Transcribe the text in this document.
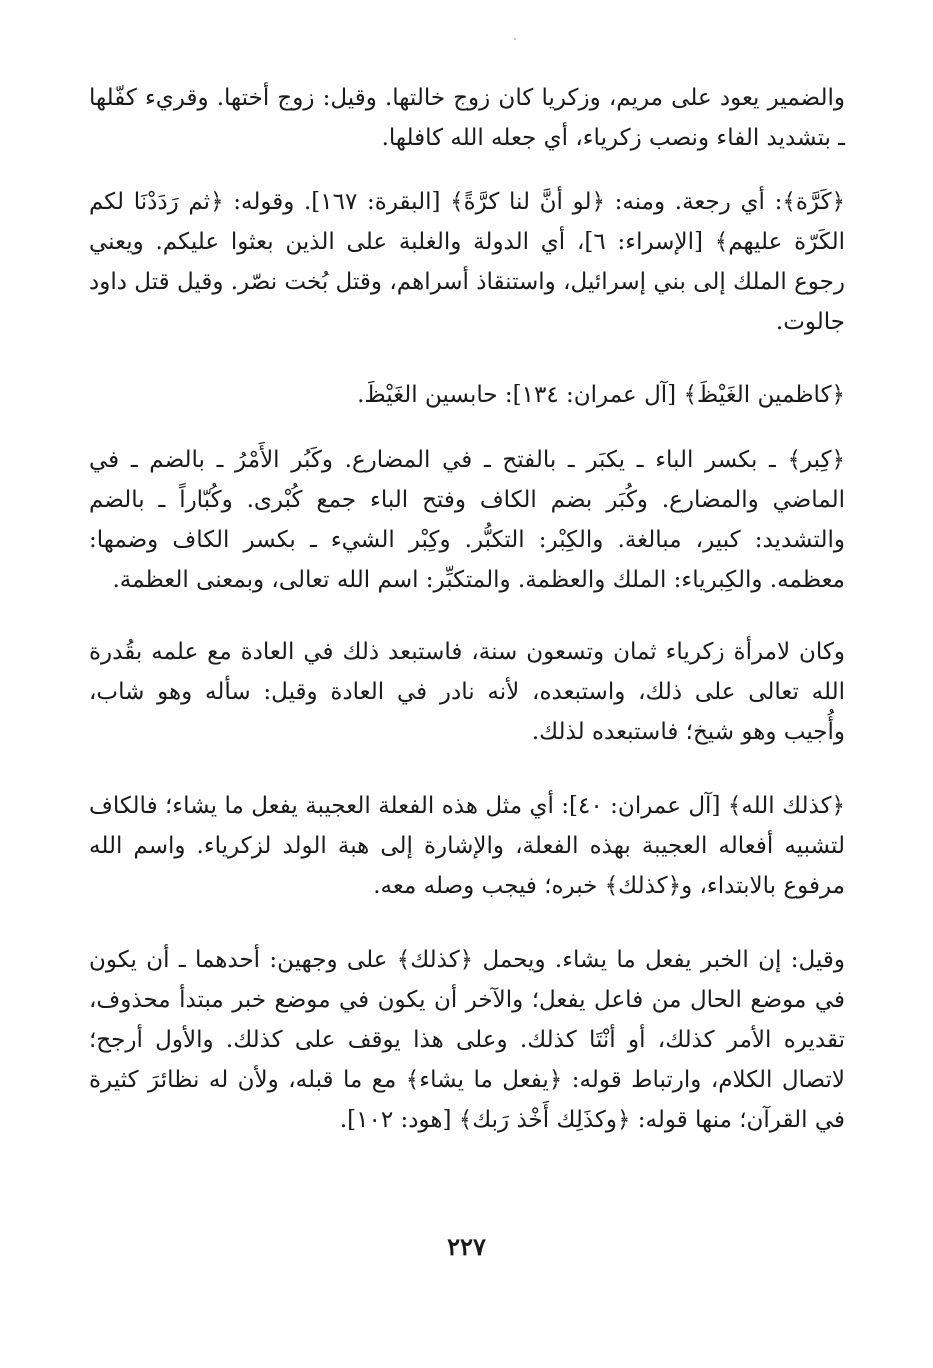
والضمير يعود على مريم، وزكريا كان زوج خالتها. وقيل: زوج أختها. وقريء كفّلها ـ بتشديد الفاء ونصب زكرياء، أي جعله الله كافلها.

﴿كَرَّة﴾: أي رجعة. ومنه: ﴿لو أنَّ لنا كرَّةً﴾ [البقرة: ١٦٧]. وقوله: ﴿ثم رَدَدْنَا لكم الكَرّة عليهم﴾ [الإسراء: ٦]، أي الدولة والغلبة على الذين بعثوا عليكم. ويعني رجوع الملك إلى بني إسرائيل، واستنقاذ أسراهم، وقتل بُخت نصّر. وقيل قتل داود جالوت.

﴿كاظمين الغَيْظَ﴾ [آل عمران: ١٣٤]: حابسين الغَيْظَ.

﴿كِبر﴾ ـ بكسر الباء ـ يكبَر ـ بالفتح ـ في المضارع. وكَبُر الأَمْرُ ـ بالضم ـ في الماضي والمضارع. وكُبَر بضم الكاف وفتح الباء جمع كُبْرى. وكُبّاراً ـ بالضم والتشديد: كبير، مبالغة. والكِبْر: التكبُّر. وكِبْر الشيء ـ بكسر الكاف وضمها: معظمه. والكِبرياء: الملك والعظمة. والمتكبِّر: اسم الله تعالى، وبمعنى العظمة.

وكان لامرأة زكرياء ثمان وتسعون سنة، فاستبعد ذلك في العادة مع علمه بقُدرة الله تعالى على ذلك، واستبعده، لأنه نادر في العادة وقيل: سأله وهو شاب، وأُجيب وهو شيخ؛ فاستبعده لذلك.

﴿كذلك الله﴾ [آل عمران: ٤٠]: أي مثل هذه الفعلة العجيبة يفعل ما يشاء؛ فالكاف لتشبيه أفعاله العجيبة بهذه الفعلة، والإشارة إلى هبة الولد لزكرياء. واسم الله مرفوع بالابتداء، و﴿كذلك﴾ خبره؛ فيجب وصله معه.

وقيل: إن الخبر يفعل ما يشاء. ويحمل ﴿كذلك﴾ على وجهين: أحدهما ـ أن يكون في موضع الحال من فاعل يفعل؛ والآخر أن يكون في موضع خبر مبتدأ محذوف، تقديره الأمر كذلك، أو أنْتَا كذلك. وعلى هذا يوقف على كذلك. والأول أرجح؛ لاتصال الكلام، وارتباط قوله: ﴿يفعل ما يشاء﴾ مع ما قبله، ولأن له نظائرَ كثيرة في القرآن؛ منها قوله: ﴿وكذَلِك أَخْذ رَبك﴾ [هود: ١٠٢].

٢٢٧
